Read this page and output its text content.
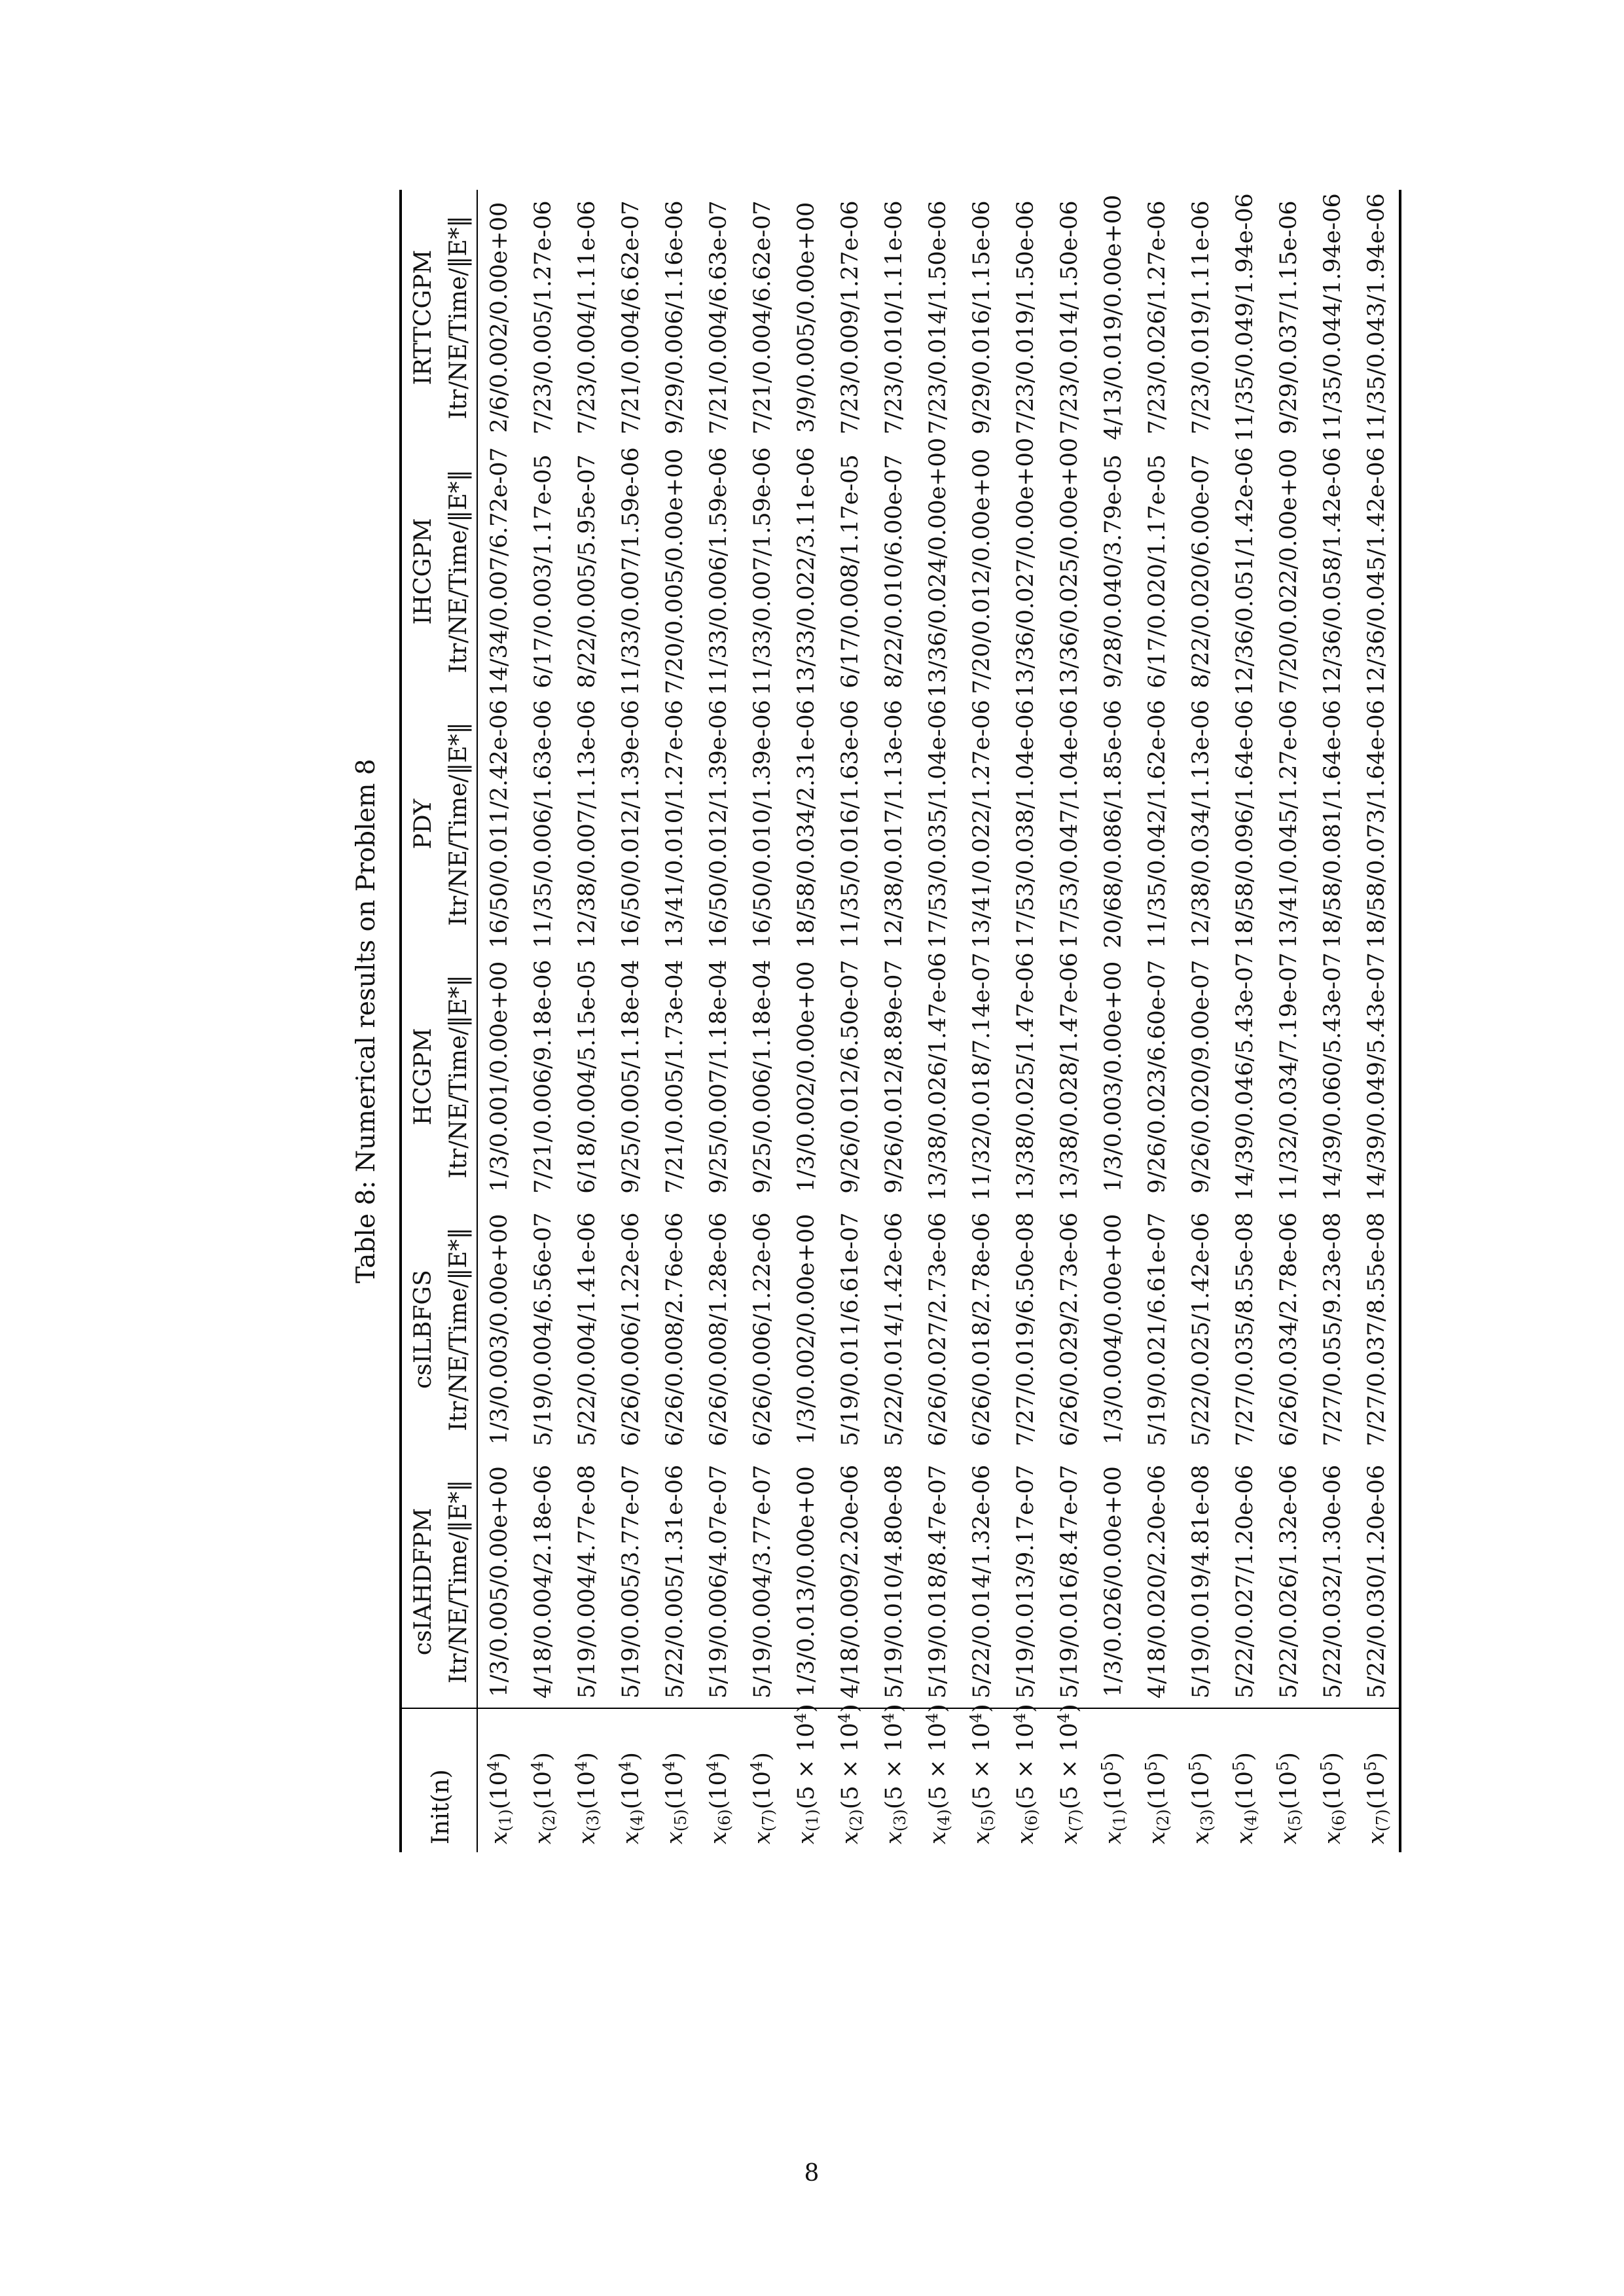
Table 8: Numerical results on Problem 8
Init(n)	csIAHDFPM	csILBFGS	HCGPM	PDY	IHCGPM	IRTTCGPM
	Itr/NE/Time/‖E*‖	Itr/NE/Time/‖E*‖	Itr/NE/Time/‖E*‖	Itr/NE/Time/‖E*‖	Itr/NE/Time/‖E*‖	Itr/NE/Time/‖E*‖
$x_{(1)}(10^4)$	1/3/0.005/0.00e+00	1/3/0.003/0.00e+00	1/3/0.001/0.00e+00	16/50/0.011/2.42e-06	14/34/0.007/6.72e-07	2/6/0.002/0.00e+00
$x_{(2)}(10^4)$	4/18/0.004/2.18e-06	5/19/0.004/6.56e-07	7/21/0.006/9.18e-06	11/35/0.006/1.63e-06	6/17/0.003/1.17e-05	7/23/0.005/1.27e-06
$x_{(3)}(10^4)$	5/19/0.004/4.77e-08	5/22/0.004/1.41e-06	6/18/0.004/5.15e-05	12/38/0.007/1.13e-06	8/22/0.005/5.95e-07	7/23/0.004/1.11e-06
$x_{(4)}(10^4)$	5/19/0.005/3.77e-07	6/26/0.006/1.22e-06	9/25/0.005/1.18e-04	16/50/0.012/1.39e-06	11/33/0.007/1.59e-06	7/21/0.004/6.62e-07
$x_{(5)}(10^4)$	5/22/0.005/1.31e-06	6/26/0.008/2.76e-06	7/21/0.005/1.73e-04	13/41/0.010/1.27e-06	7/20/0.005/0.00e+00	9/29/0.006/1.16e-06
$x_{(6)}(10^4)$	5/19/0.006/4.07e-07	6/26/0.008/1.28e-06	9/25/0.007/1.18e-04	16/50/0.012/1.39e-06	11/33/0.006/1.59e-06	7/21/0.004/6.63e-07
$x_{(7)}(10^4)$	5/19/0.004/3.77e-07	6/26/0.006/1.22e-06	9/25/0.006/1.18e-04	16/50/0.010/1.39e-06	11/33/0.007/1.59e-06	7/21/0.004/6.62e-07
$x_{(1)}(5 \times 10^4)$	1/3/0.013/0.00e+00	1/3/0.002/0.00e+00	1/3/0.002/0.00e+00	18/58/0.034/2.31e-06	13/33/0.022/3.11e-06	3/9/0.005/0.00e+00
$x_{(2)}(5 \times 10^4)$	4/18/0.009/2.20e-06	5/19/0.011/6.61e-07	9/26/0.012/6.50e-07	11/35/0.016/1.63e-06	6/17/0.008/1.17e-05	7/23/0.009/1.27e-06
$x_{(3)}(5 \times 10^4)$	5/19/0.010/4.80e-08	5/22/0.014/1.42e-06	9/26/0.012/8.89e-07	12/38/0.017/1.13e-06	8/22/0.010/6.00e-07	7/23/0.010/1.11e-06
$x_{(4)}(5 \times 10^4)$	5/19/0.018/8.47e-07	6/26/0.027/2.73e-06	13/38/0.026/1.47e-06	17/53/0.035/1.04e-06	13/36/0.024/0.00e+00	7/23/0.014/1.50e-06
$x_{(5)}(5 \times 10^4)$	5/22/0.014/1.32e-06	6/26/0.018/2.78e-06	11/32/0.018/7.14e-07	13/41/0.022/1.27e-06	7/20/0.012/0.00e+00	9/29/0.016/1.15e-06
$x_{(6)}(5 \times 10^4)$	5/19/0.013/9.17e-07	7/27/0.019/6.50e-08	13/38/0.025/1.47e-06	17/53/0.038/1.04e-06	13/36/0.027/0.00e+00	7/23/0.019/1.50e-06
$x_{(7)}(5 \times 10^4)$	5/19/0.016/8.47e-07	6/26/0.029/2.73e-06	13/38/0.028/1.47e-06	17/53/0.047/1.04e-06	13/36/0.025/0.00e+00	7/23/0.014/1.50e-06
$x_{(1)}(10^5)$	1/3/0.026/0.00e+00	1/3/0.004/0.00e+00	1/3/0.003/0.00e+00	20/68/0.086/1.85e-06	9/28/0.040/3.79e-05	4/13/0.019/0.00e+00
$x_{(2)}(10^5)$	4/18/0.020/2.20e-06	5/19/0.021/6.61e-07	9/26/0.023/6.60e-07	11/35/0.042/1.62e-06	6/17/0.020/1.17e-05	7/23/0.026/1.27e-06
$x_{(3)}(10^5)$	5/19/0.019/4.81e-08	5/22/0.025/1.42e-06	9/26/0.020/9.00e-07	12/38/0.034/1.13e-06	8/22/0.020/6.00e-07	7/23/0.019/1.11e-06
$x_{(4)}(10^5)$	5/22/0.027/1.20e-06	7/27/0.035/8.55e-08	14/39/0.046/5.43e-07	18/58/0.096/1.64e-06	12/36/0.051/1.42e-06	11/35/0.049/1.94e-06
$x_{(5)}(10^5)$	5/22/0.026/1.32e-06	6/26/0.034/2.78e-06	11/32/0.034/7.19e-07	13/41/0.045/1.27e-06	7/20/0.022/0.00e+00	9/29/0.037/1.15e-06
$x_{(6)}(10^5)$	5/22/0.032/1.30e-06	7/27/0.055/9.23e-08	14/39/0.060/5.43e-07	18/58/0.081/1.64e-06	12/36/0.058/1.42e-06	11/35/0.044/1.94e-06
$x_{(7)}(10^5)$	5/22/0.030/1.20e-06	7/27/0.037/8.55e-08	14/39/0.049/5.43e-07	18/58/0.073/1.64e-06	12/36/0.045/1.42e-06	11/35/0.043/1.94e-06
8
